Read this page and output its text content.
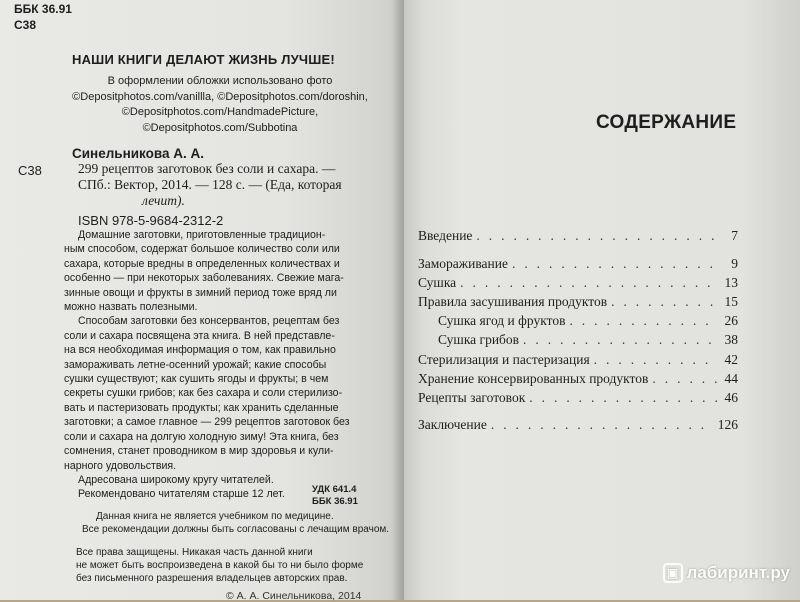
ББК 36.91
С38
НАШИ КНИГИ ДЕЛАЮТ ЖИЗНЬ ЛУЧШЕ!
В оформлении обложки использовано фото
©Depositphotos.com/vanillla, ©Depositphotos.com/doroshin,
©Depositphotos.com/HandmadePicture,
©Depositphotos.com/Subbotina
Синельникова А. А.
С38	299 рецептов заготовок без соли и сахара. —
СПб.: Вектор, 2014. — 128 с. — (Еда, которая
лечит).
ISBN 978-5-9684-2312-2
Домашние заготовки, приготовленные традицион-
ным способом, содержат большое количество соли или
сахара, которые вредны в определенных количествах и
особенно — при некоторых заболеваниях. Свежие мага-
зинные овощи и фрукты в зимний период тоже вряд ли
можно назвать полезными.
Способам заготовки без консервантов, рецептам без
соли и сахара посвящена эта книга. В ней представле-
на вся необходимая информация о том, как правильно
замораживать летне-осенний урожай; какие способы
сушки существуют; как сушить ягоды и фрукты; в чем
секреты сушки грибов; как без сахара и соли стерилизо-
вать и пастеризовать продукты; как хранить сделанные
заготовки; а самое главное — 299 рецептов заготовок без
соли и сахара на долгую холодную зиму! Эта книга, без
сомнения, станет проводником в мир здоровья и кули-
нарного удовольствия.
Адресована широкому кругу читателей.
Рекомендовано читателям старше 12 лет.	УДК 641.4
ББК 36.91
Данная книга не является учебником по медицине.
Все рекомендации должны быть согласованы с лечащим врачом.
Все права защищены. Никакая часть данной книги
не может быть воспроизведена в какой бы то ни было форме
без письменного разрешения владельцев авторских прав.
© А. А. Синельникова, 2014
СОДЕРЖАНИЕ
Введение . . .	7
Замораживание . . .	9
Сушка . . .	13
Правила засушивания продуктов . . .	15
Сушка ягод и фруктов . . .	26
Сушка грибов . . .	38
Стерилизация и пастеризация . . .	42
Хранение консервированных продуктов . . .	44
Рецепты заготовок . . .	46
Заключение . . .	126
▣ лабиринт.ру
